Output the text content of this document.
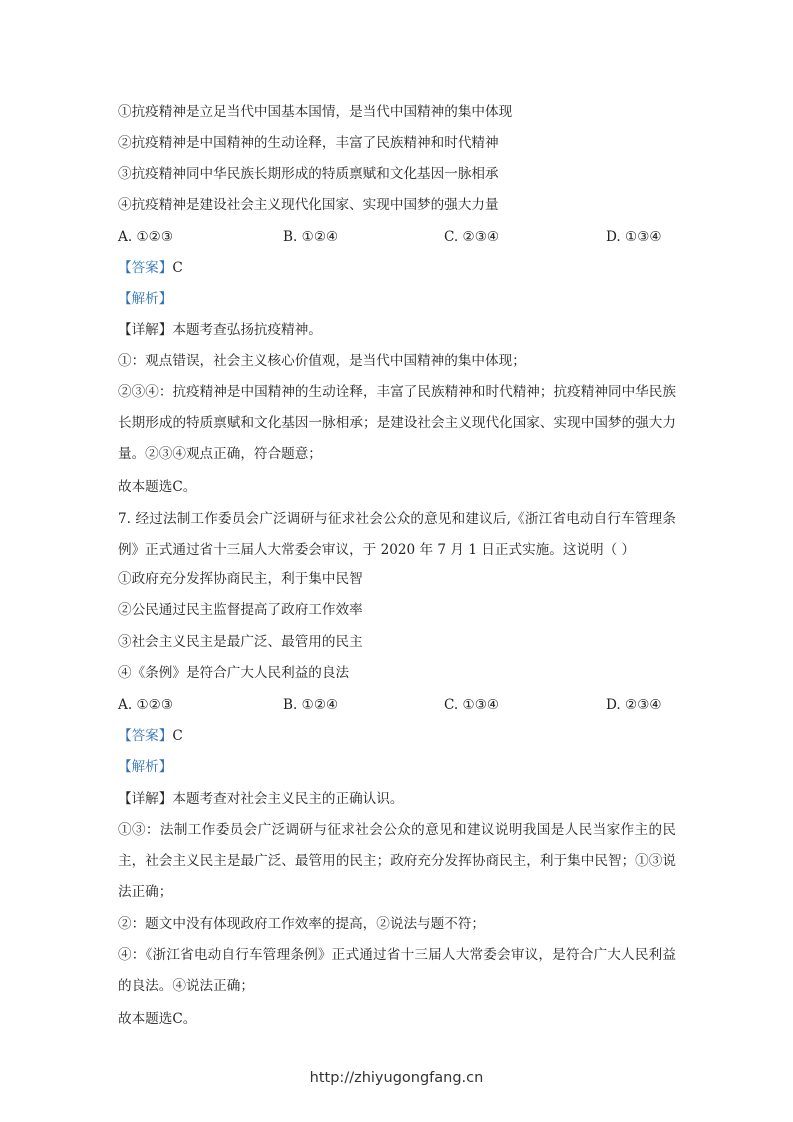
①抗疫精神是立足当代中国基本国情，是当代中国精神的集中体现
②抗疫精神是中国精神的生动诠释，丰富了民族精神和时代精神
③抗疫精神同中华民族长期形成的特质禀赋和文化基因一脉相承
④抗疫精神是建设社会主义现代化国家、实现中国梦的强大力量
A. ①②③	B. ①②④	C. ②③④	D. ①③④
【答案】C
【解析】
【详解】本题考查弘扬抗疫精神。
①：观点错误，社会主义核心价值观，是当代中国精神的集中体现；
②③④：抗疫精神是中国精神的生动诠释，丰富了民族精神和时代精神；抗疫精神同中华民族长期形成的特质禀赋和文化基因一脉相承；是建设社会主义现代化国家、实现中国梦的强大力量。②③④观点正确，符合题意；
故本题选C。
7. 经过法制工作委员会广泛调研与征求社会公众的意见和建议后,《浙江省电动自行车管理条例》正式通过省十三届人大常委会审议，于 2020 年 7 月 1 日正式实施。这说明（ ）
①政府充分发挥协商民主，利于集中民智
②公民通过民主监督提高了政府工作效率
③社会主义民主是最广泛、最管用的民主
④《条例》是符合广大人民利益的良法
A. ①②③	B. ①②④	C. ①③④	D. ②③④
【答案】C
【解析】
【详解】本题考查对社会主义民主的正确认识。
①③：法制工作委员会广泛调研与征求社会公众的意见和建议说明我国是人民当家作主的民主，社会主义民主是最广泛、最管用的民主；政府充分发挥协商民主，利于集中民智；①③说法正确；
②：题文中没有体现政府工作效率的提高，②说法与题不符；
④：《浙江省电动自行车管理条例》正式通过省十三届人大常委会审议，是符合广大人民利益的良法。④说法正确；
故本题选C。
http://zhiyugongfang.cn
